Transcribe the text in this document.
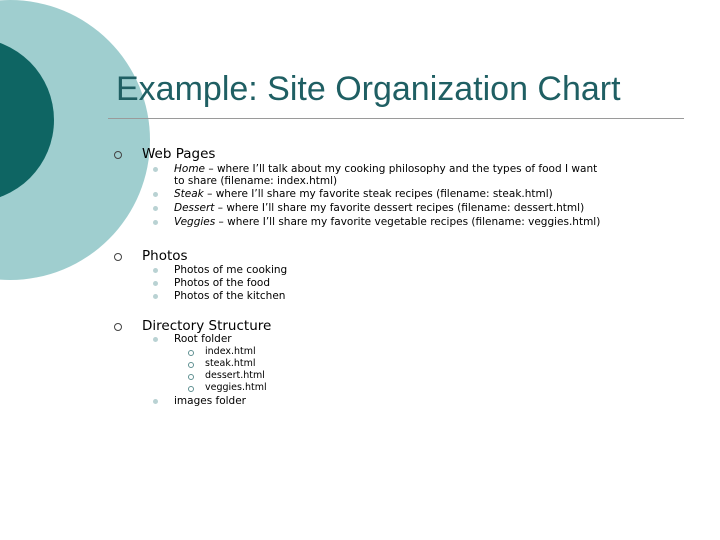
Example: Site Organization Chart
Web Pages
Home – where I’ll talk about my cooking philosophy and the types of food I want
to share (filename: index.html)
Steak – where I’ll share my favorite steak recipes (filename: steak.html)
Dessert – where I’ll share my favorite dessert recipes (filename: dessert.html)
Veggies – where I’ll share my favorite vegetable recipes (filename: veggies.html)
Photos
Photos of me cooking
Photos of the food
Photos of the kitchen
Directory Structure
Root folder
index.html
steak.html
dessert.html
veggies.html
images folder
